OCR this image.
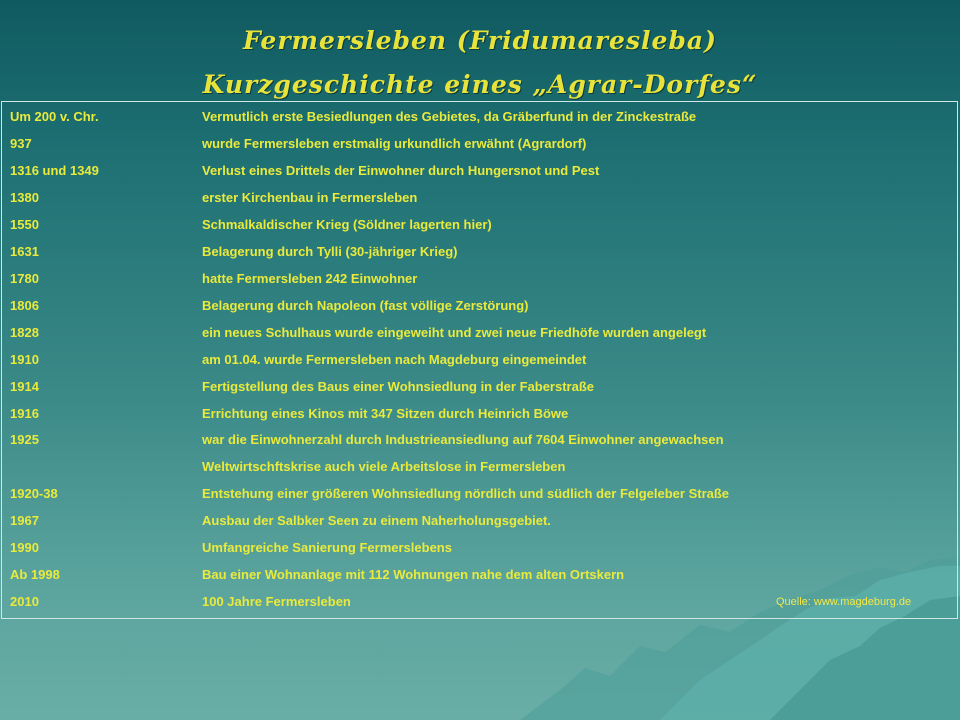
Fermersleben (Fridumaresleba)
Kurzgeschichte eines „Agrar-Dorfes“
Um 200 v. Chr.	Vermutlich erste Besiedlungen des Gebietes, da Gräberfund in der Zinckestraße
937	wurde Fermersleben erstmalig urkundlich erwähnt (Agrardorf)
1316 und 1349	Verlust eines Drittels der Einwohner durch Hungersnot und Pest
1380	erster Kirchenbau in Fermersleben
1550	Schmalkaldischer Krieg (Söldner lagerten hier)
1631	Belagerung durch Tylli (30-jähriger Krieg)
1780	hatte Fermersleben 242 Einwohner
1806	Belagerung durch Napoleon (fast völlige Zerstörung)
1828	ein neues Schulhaus wurde eingeweiht und zwei neue Friedhöfe wurden angelegt
1910	am 01.04. wurde Fermersleben nach Magdeburg eingemeindet
1914	Fertigstellung des Baus einer Wohnsiedlung in der Faberstraße
1916	Errichtung eines Kinos mit 347 Sitzen durch Heinrich Böwe
1925	war die Einwohnerzahl durch Industrieansiedlung auf 7604 Einwohner angewachsen
Weltwirtschftskrise auch viele Arbeitslose in Fermersleben
1920-38	Entstehung einer größeren Wohnsiedlung nördlich und südlich der Felgeleber Straße
1967	Ausbau der Salbker Seen zu einem Naherholungsgebiet.
1990	Umfangreiche Sanierung Fermerslebens
Ab 1998	Bau einer Wohnanlage mit 112 Wohnungen nahe dem alten Ortskern
2010	100 Jahre Fermersleben	Quelle: www.magdeburg.de
